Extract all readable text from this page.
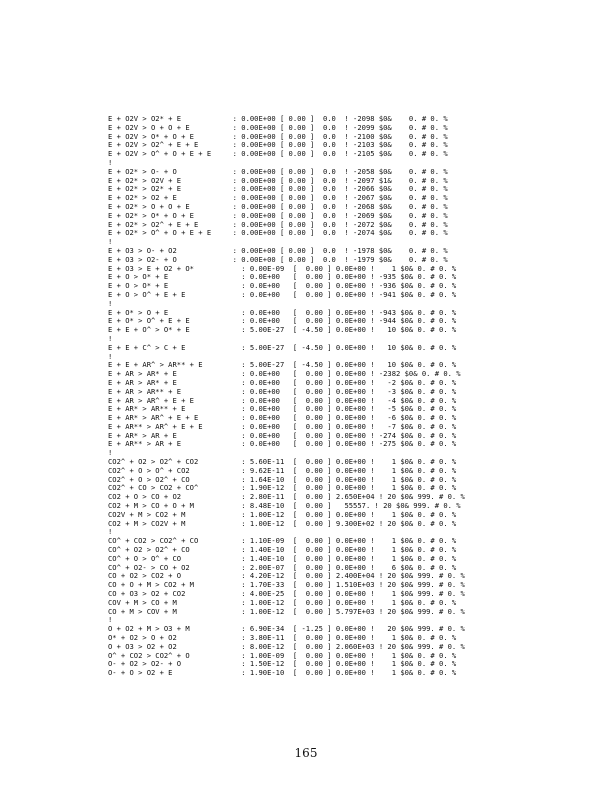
E + O2V > O2* + E            : 0.00E+00 [ 0.00 ]  0.0  ! -2098 $0&    0. # 0. %
E + O2V > O + O + E          : 0.00E+00 [ 0.00 ]  0.0  ! -2099 $0&    0. # 0. %
E + O2V > O* + O + E         : 0.00E+00 [ 0.00 ]  0.0  ! -2100 $0&    0. # 0. %
E + O2V > O2^ + E + E        : 0.00E+00 [ 0.00 ]  0.0  ! -2103 $0&    0. # 0. %
E + O2V > O^ + O + E + E     : 0.00E+00 [ 0.00 ]  0.0  ! -2105 $0&    0. # 0. %
!
E + O2* > O- + O             : 0.00E+00 [ 0.00 ]  0.0  ! -2058 $0&    0. # 0. %
E + O2* > O2V + E            : 0.00E+00 [ 0.00 ]  0.0  ! -2097 $1&    0. # 0. %
E + O2* > O2* + E            : 0.00E+00 [ 0.00 ]  0.0  ! -2066 $0&    0. # 0. %
E + O2* > O2 + E             : 0.00E+00 [ 0.00 ]  0.0  ! -2067 $0&    0. # 0. %
E + O2* > O + O + E          : 0.00E+00 [ 0.00 ]  0.0  ! -2068 $0&    0. # 0. %
E + O2* > O* + O + E         : 0.00E+00 [ 0.00 ]  0.0  ! -2069 $0&    0. # 0. %
E + O2* > O2^ + E + E        : 0.00E+00 [ 0.00 ]  0.0  ! -2072 $0&    0. # 0. %
E + O2* > O^ + O + E + E     : 0.00E+00 [ 0.00 ]  0.0  ! -2074 $0&    0. # 0. %
!
E + O3 > O- + O2             : 0.00E+00 [ 0.00 ]  0.0  ! -1978 $0&    0. # 0. %
E + O3 > O2- + O             : 0.00E+00 [ 0.00 ]  0.0  ! -1979 $0&    0. # 0. %
E + O3 > E + O2 + O*           : 0.00E-09  [  0.00 ] 0.0E+00 !    1 $0& 0. # 0. %
E + O > O* + E                 : 0.0E+00   [  0.00 ] 0.0E+00 ! -935 $0& 0. # 0. %
E + O > O* + E                 : 0.0E+00   [  0.00 ] 0.0E+00 ! -936 $0& 0. # 0. %
E + O > O^ + E + E             : 0.0E+00   [  0.00 ] 0.0E+00 ! -941 $0& 0. # 0. %
!
E + O* > O + E                 : 0.0E+00   [  0.00 ] 0.0E+00 ! -943 $0& 0. # 0. %
E + O* > O^ + E + E            : 0.0E+00   [  0.00 ] 0.0E+00 ! -944 $0& 0. # 0. %
E + E + O^ > O* + E            : 5.00E-27  [ -4.50 ] 0.0E+00 !   10 $0& 0. # 0. %
!
E + E + C^ > C + E             : 5.00E-27  [ -4.50 ] 0.0E+00 !   10 $0& 0. # 0. %
!
E + E + AR^ > AR** + E         : 5.00E-27  [ -4.50 ] 0.0E+00 !   10 $0& 0. # 0. %
E + AR > AR* + E               : 0.0E+00   [  0.00 ] 0.0E+00 ! -2382 $0& 0. # 0. %
E + AR > AR* + E               : 0.0E+00   [  0.00 ] 0.0E+00 !   -2 $0& 0. # 0. %
E + AR > AR** + E              : 0.0E+00   [  0.00 ] 0.0E+00 !   -3 $0& 0. # 0. %
E + AR > AR^ + E + E           : 0.0E+00   [  0.00 ] 0.0E+00 !   -4 $0& 0. # 0. %
E + AR* > AR** + E             : 0.0E+00   [  0.00 ] 0.0E+00 !   -5 $0& 0. # 0. %
E + AR* > AR^ + E + E          : 0.0E+00   [  0.00 ] 0.0E+00 !   -6 $0& 0. # 0. %
E + AR** > AR^ + E + E         : 0.0E+00   [  0.00 ] 0.0E+00 !   -7 $0& 0. # 0. %
E + AR* > AR + E               : 0.0E+00   [  0.00 ] 0.0E+00 ! -274 $0& 0. # 0. %
E + AR** > AR + E              : 0.0E+00   [  0.00 ] 0.0E+00 ! -275 $0& 0. # 0. %
!
CO2^ + O2 > O2^ + CO2          : 5.60E-11  [  0.00 ] 0.0E+00 !    1 $0& 0. # 0. %
CO2^ + O > O^ + CO2            : 9.62E-11  [  0.00 ] 0.0E+00 !    1 $0& 0. # 0. %
CO2^ + O > O2^ + CO            : 1.64E-10  [  0.00 ] 0.0E+00 !    1 $0& 0. # 0. %
CO2^ + CO > CO2 + CO^          : 1.90E-12  [  0.00 ] 0.0E+00 !    1 $0& 0. # 0. %
CO2 + O > CO + O2              : 2.80E-11  [  0.00 ] 2.650E+04 ! 20 $0& 999. # 0. %
CO2 + M > CO + O + M           : 8.48E-10  [  0.00 ]   55557. ! 20 $0& 999. # 0. %
CO2V + M > CO2 + M             : 1.00E-12  [  0.00 ] 0.0E+00 !    1 $0& 0. # 0. %
CO2 + M > CO2V + M             : 1.00E-12  [  0.00 ] 9.300E+02 ! 20 $0& 0. # 0. %
!
CO^ + CO2 > CO2^ + CO          : 1.10E-09  [  0.00 ] 0.0E+00 !    1 $0& 0. # 0. %
CO^ + O2 > O2^ + CO            : 1.40E-10  [  0.00 ] 0.0E+00 !    1 $0& 0. # 0. %
CO^ + O > O^ + CO              : 1.40E-10  [  0.00 ] 0.0E+00 !    1 $0& 0. # 0. %
CO^ + O2- > CO + O2            : 2.00E-07  [  0.00 ] 0.0E+00 !    6 $0& 0. # 0. %
CO + O2 > CO2 + O              : 4.20E-12  [  0.00 ] 2.400E+04 ! 20 $0& 999. # 0. %
CO + O + M > CO2 + M           : 1.70E-33  [  0.00 ] 1.510E+03 ! 20 $0& 999. # 0. %
CO + O3 > O2 + CO2             : 4.00E-25  [  0.00 ] 0.0E+00 !    1 $0& 999. # 0. %
COV + M > CO + M               : 1.00E-12  [  0.00 ] 0.0E+00 !    1 $0& 0. # 0. %
CO + M > COV + M               : 1.00E-12  [  0.00 ] 5.797E+03 ! 20 $0& 999. # 0. %
!
O + O2 + M > O3 + M            : 6.90E-34  [ -1.25 ] 0.0E+00 !   20 $0& 999. # 0. %
O* + O2 > O + O2               : 3.80E-11  [  0.00 ] 0.0E+00 !    1 $0& 0. # 0. %
O + O3 > O2 + O2               : 8.00E-12  [  0.00 ] 2.060E+03 ! 20 $0& 999. # 0. %
O^ + CO2 > CO2^ + O            : 1.00E-09  [  0.00 ] 0.0E+00 !    1 $0& 0. # 0. %
O- + O2 > O2- + O              : 1.50E-12  [  0.00 ] 0.0E+00 !    1 $0& 0. # 0. %
O- + O > O2 + E                : 1.90E-10  [  0.00 ] 0.0E+00 !    1 $0& 0. # 0. %
165
